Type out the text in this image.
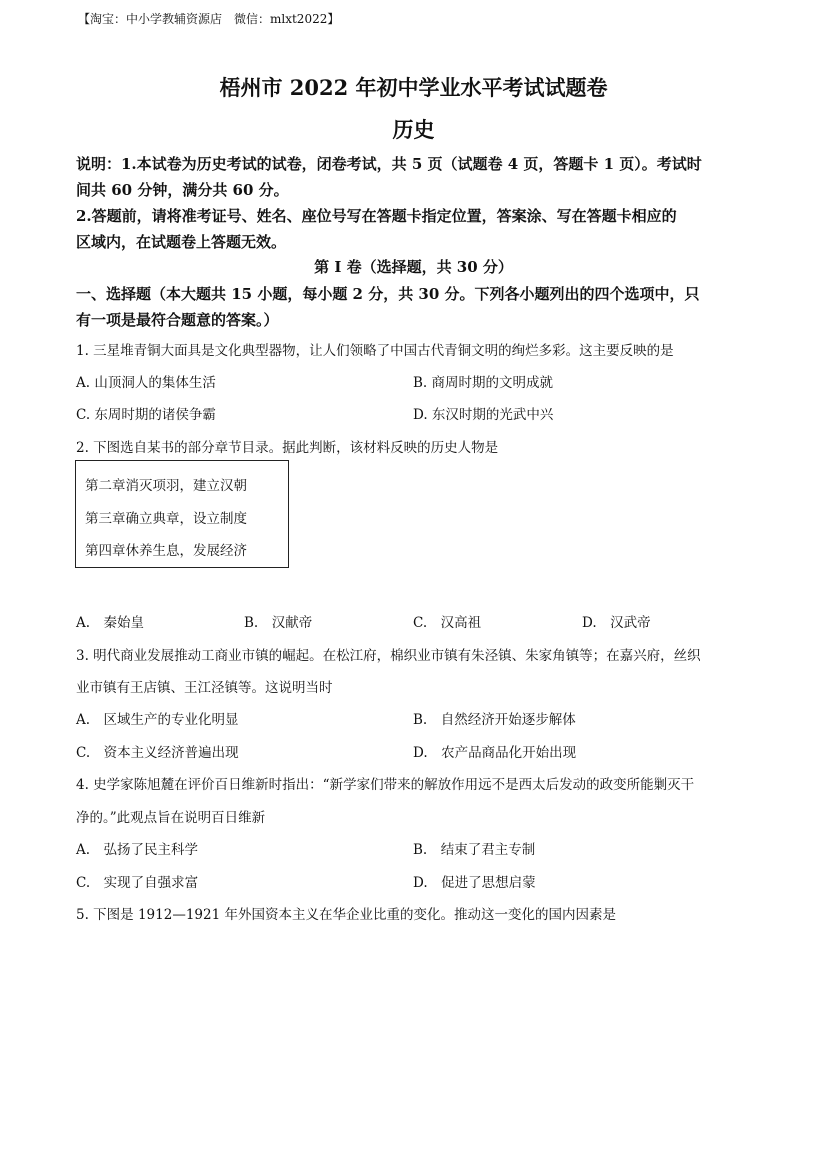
【淘宝：中小学教辅资源店　微信：mlxt2022】
梧州市 2022 年初中学业水平考试试题卷
历史
说明：1.本试卷为历史考试的试卷，闭卷考试，共 5 页（试题卷 4 页，答题卡 1 页）。考试时
间共 60 分钟，满分共 60 分。
2.答题前，请将准考证号、姓名、座位号写在答题卡指定位置，答案涂、写在答题卡相应的
区域内，在试题卷上答题无效。
第 I 卷（选择题，共 30 分）
一、选择题（本大题共 15 小题，每小题 2 分，共 30 分。下列各小题列出的四个选项中，只
有一项是最符合题意的答案。）
1. 三星堆青铜大面具是文化典型器物，让人们领略了中国古代青铜文明的绚烂多彩。这主要反映的是
A. 山顶洞人的集体生活	B. 商周时期的文明成就
C. 东周时期的诸侯争霸	D. 东汉时期的光武中兴
2. 下图选自某书的部分章节目录。据此判断，该材料反映的历史人物是
第二章消灭项羽，建立汉朝
第三章确立典章，设立制度
第四章休养生息，发展经济
A.　秦始皇	B.　汉献帝	C.　汉高祖	D.　汉武帝
3. 明代商业发展推动工商业市镇的崛起。在松江府，棉织业市镇有朱泾镇、朱家角镇等；在嘉兴府，丝织
业市镇有王店镇、王江泾镇等。这说明当时
A.　区域生产的专业化明显	B.　自然经济开始逐步解体
C.　资本主义经济普遍出现	D.　农产品商品化开始出现
4. 史学家陈旭麓在评价百日维新时指出：“新学家们带来的解放作用远不是西太后发动的政变所能剿灭干
净的。”此观点旨在说明百日维新
A.　弘扬了民主科学	B.　结束了君主专制
C.　实现了自强求富	D.　促进了思想启蒙
5. 下图是 1912—1921 年外国资本主义在华企业比重的变化。推动这一变化的国内因素是
